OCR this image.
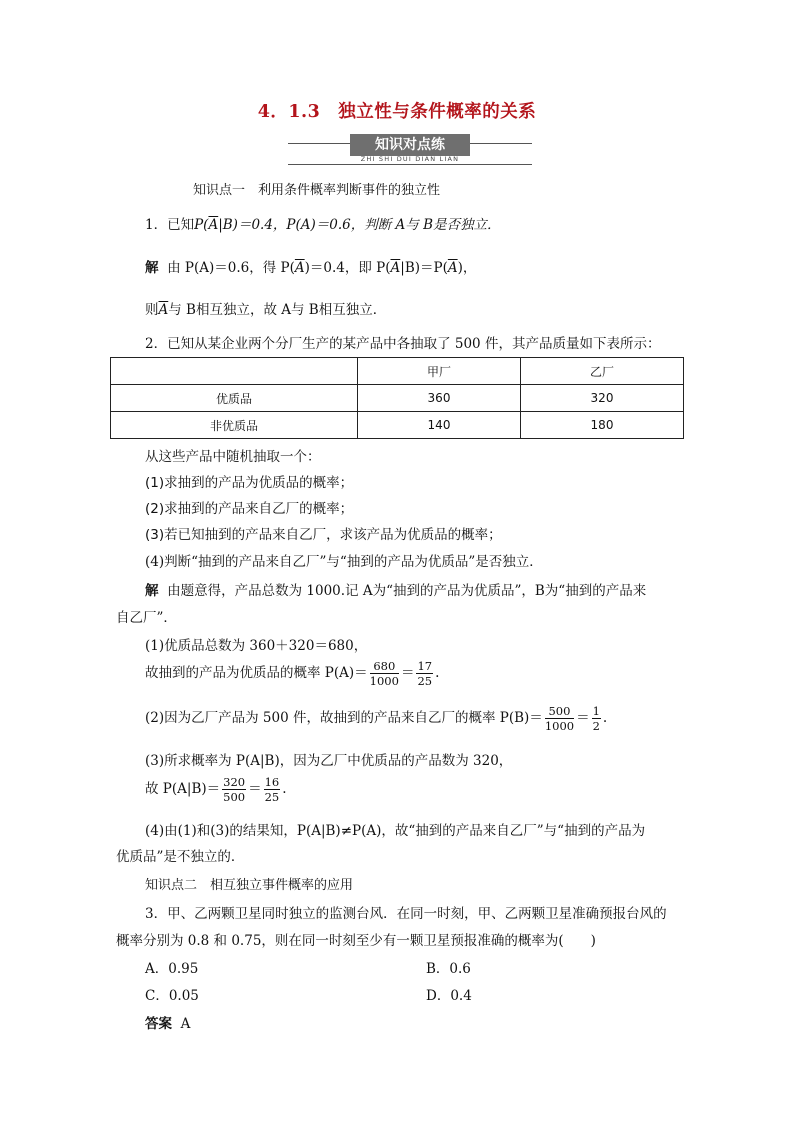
4．1.3　独立性与条件概率的关系
知识对点练
ZHI SHI DUI DIAN LIAN
知识点一　利用条件概率判断事件的独立性
1．已知$P(\overline{A}|B)=0.4$，P(A)＝0.6，判断 A与 B是否独立．
解 由 P(A)＝0.6，得 $P(\overline{A})=0.4$，即 $P(\overline{A}|B)=P(\overline{A})$，
则$\overline{A}$与 B相互独立，故 A与 B相互独立．
2．已知从某企业两个分厂生产的某产品中各抽取了 500 件，其产品质量如下表所示：
	甲厂	乙厂
优质品	360	320
非优质品	140	180
从这些产品中随机抽取一个：
(1)求抽到的产品为优质品的概率；
(2)求抽到的产品来自乙厂的概率；
(3)若已知抽到的产品来自乙厂，求该产品为优质品的概率；
(4)判断“抽到的产品来自乙厂”与“抽到的产品为优质品”是否独立．
解 由题意得，产品总数为 1000.记 A为“抽到的产品为优质品”，B为“抽到的产品来
自乙厂”．
(1)优质品总数为 360＋320＝680，
故抽到的产品为优质品的概率 $P(A)= \frac{680}{1000} = \frac{17}{25}$ .
(2)因为乙厂产品为 500 件，故抽到的产品来自乙厂的概率 $P(B)= \frac{500}{1000} = \frac{1}{2}$ .
(3)所求概率为 P(A|B)，因为乙厂中优质品的产品数为 320，
故 $P(A|B)= \frac{320}{500} = \frac{16}{25}$ .
(4)由(1)和(3)的结果知，P(A|B)≠P(A)，故“抽到的产品来自乙厂”与“抽到的产品为
优质品”是不独立的．
知识点二　相互独立事件概率的应用
3．甲、乙两颗卫星同时独立的监测台风．在同一时刻，甲、乙两颗卫星准确预报台风的
概率分别为 0.8 和 0.75，则在同一时刻至少有一颗卫星预报准确的概率为(　　)
A．0.95	B．0.6
C．0.05	D．0.4
答案 A
